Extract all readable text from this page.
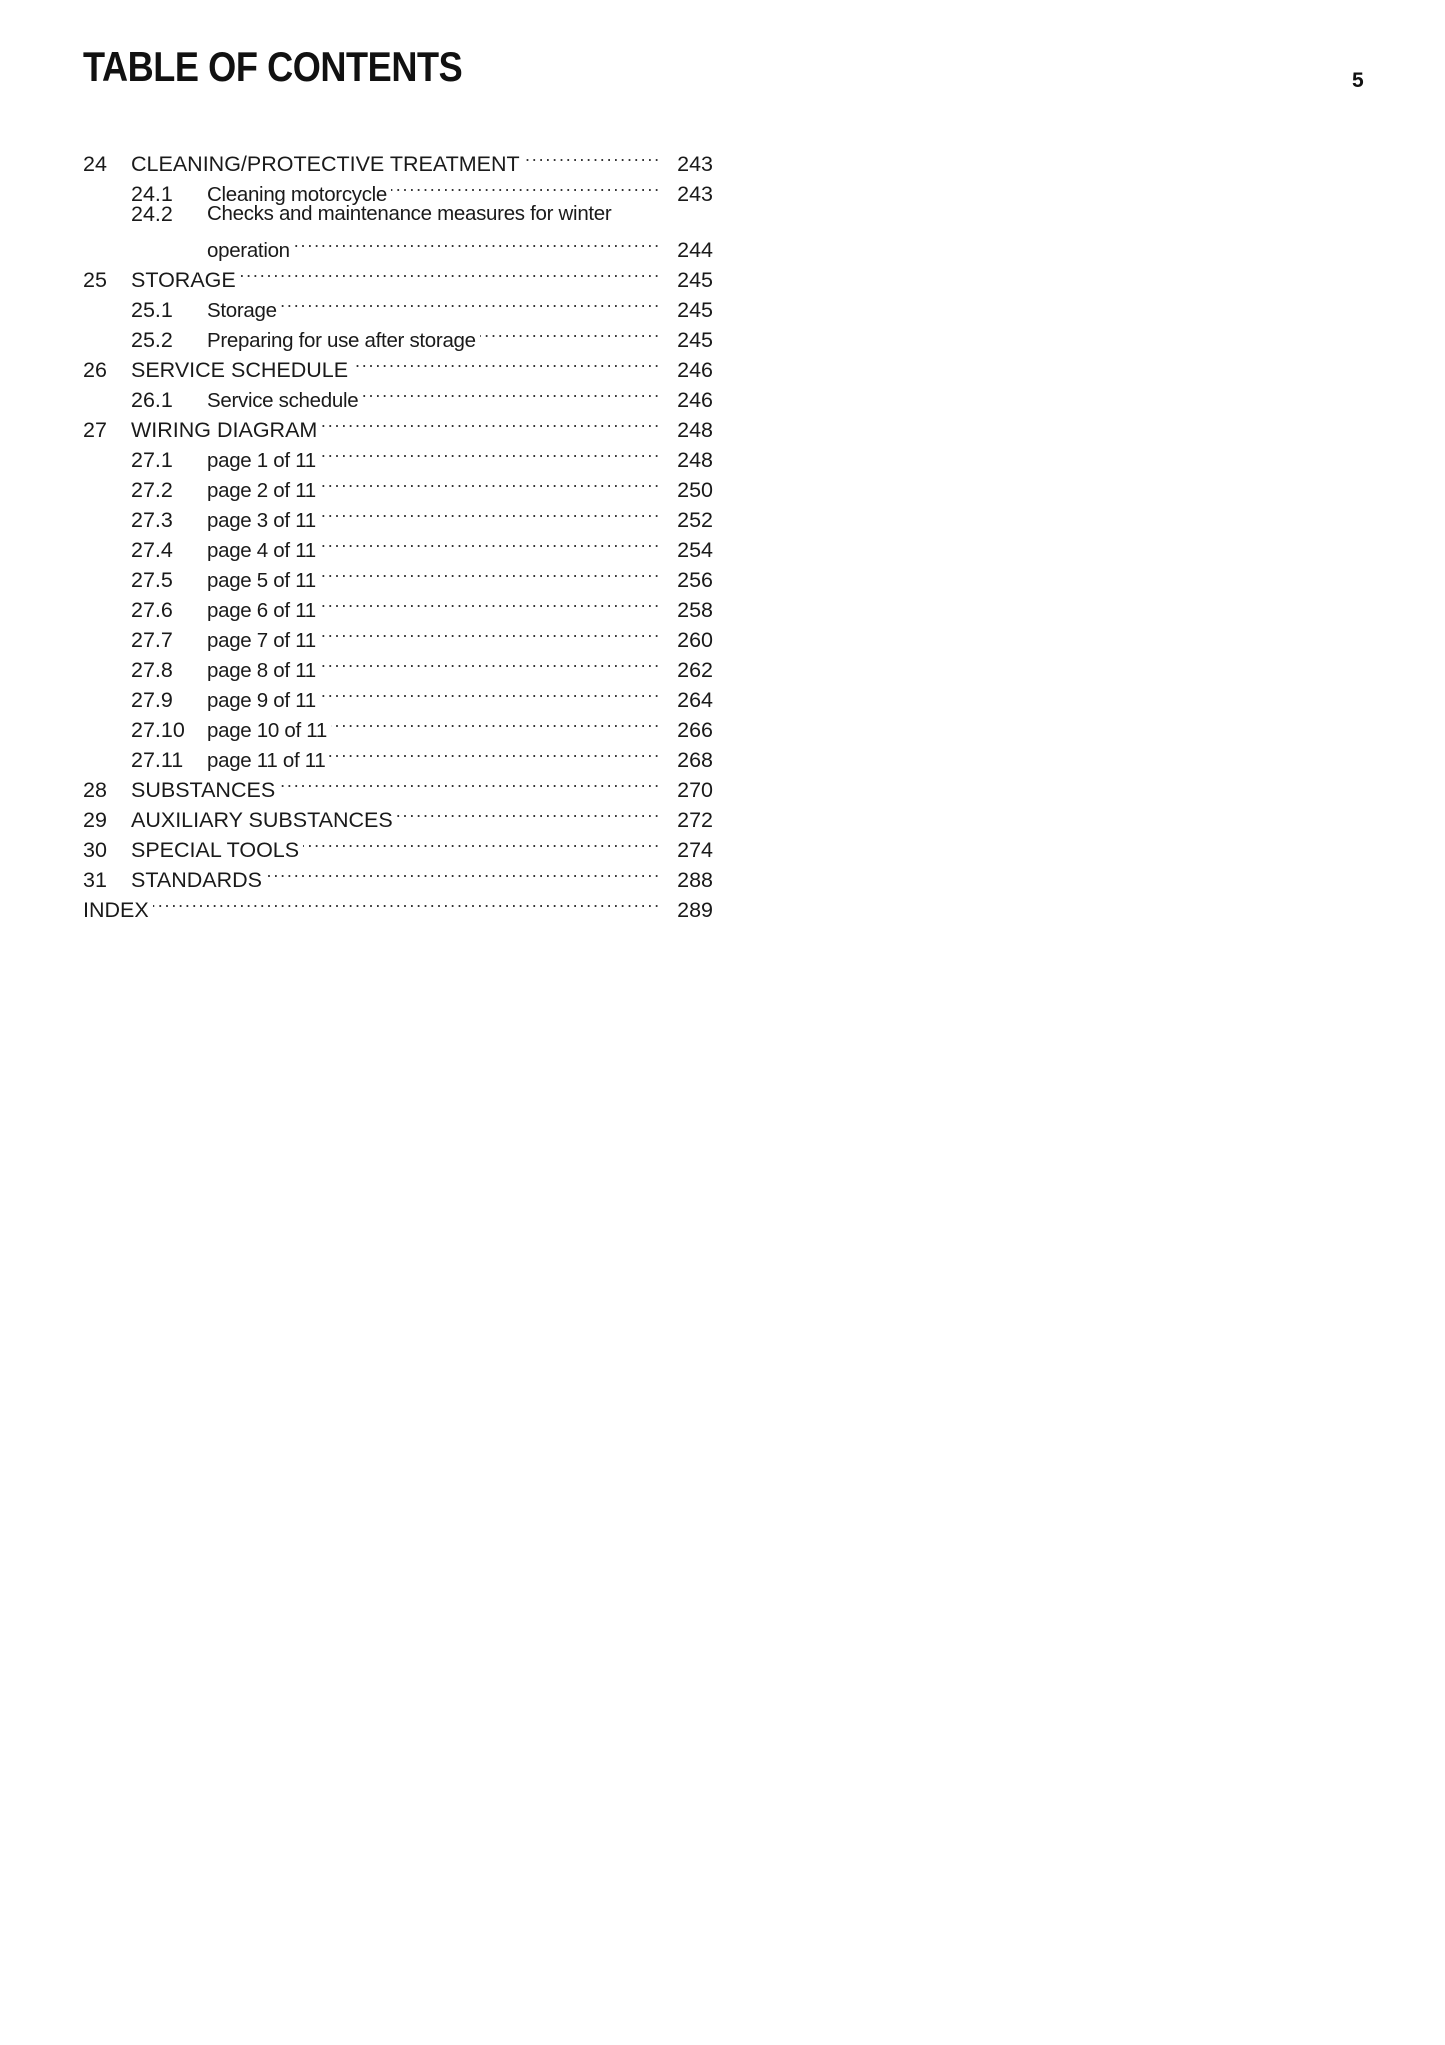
TABLE OF CONTENTS	5
24	CLEANING/PROTECTIVE TREATMENT .....	243
24.1	Cleaning motorcycle .....	243
24.2	Checks and maintenance measures for winter
operation .....	244
25	STORAGE .....	245
25.1	Storage .....	245
25.2	Preparing for use after storage .....	245
26	SERVICE SCHEDULE .....	246
26.1	Service schedule .....	246
27	WIRING DIAGRAM .....	248
27.1	page 1 of 11 .....	248
27.2	page 2 of 11 .....	250
27.3	page 3 of 11 .....	252
27.4	page 4 of 11 .....	254
27.5	page 5 of 11 .....	256
27.6	page 6 of 11 .....	258
27.7	page 7 of 11 .....	260
27.8	page 8 of 11 .....	262
27.9	page 9 of 11 .....	264
27.10	page 10 of 11 .....	266
27.11	page 11 of 11 .....	268
28	SUBSTANCES .....	270
29	AUXILIARY SUBSTANCES .....	272
30	SPECIAL TOOLS .....	274
31	STANDARDS .....	288
INDEX .....	289
